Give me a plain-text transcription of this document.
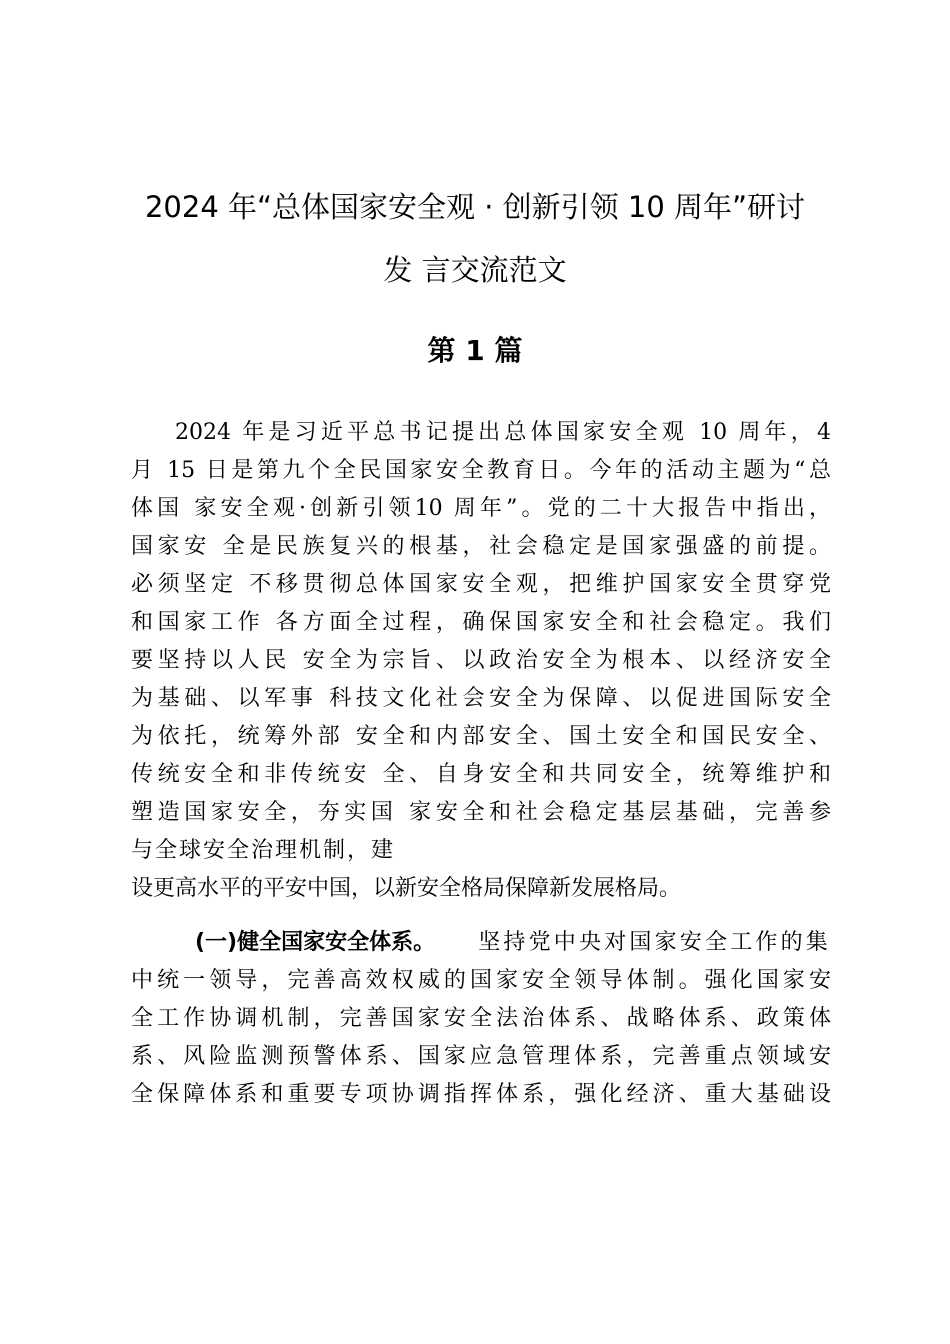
2024 年“总体国家安全观 · 创新引领 10 周年”研讨
发 言交流范文
第 1 篇
2024 年是习近平总书记提出总体国家安全观 10 周年，4
月 15 日是第九个全民国家安全教育日。今年的活动主题为“总
体国 家安全观·创新引领10 周年”。党的二十大报告中指出，
国家安 全是民族复兴的根基，社会稳定是国家强盛的前提。
必须坚定 不移贯彻总体国家安全观，把维护国家安全贯穿党
和国家工作 各方面全过程，确保国家安全和社会稳定。我们
要坚持以人民 安全为宗旨、以政治安全为根本、以经济安全
为基础、以军事 科技文化社会安全为保障、以促进国际安全
为依托，统筹外部 安全和内部安全、国土安全和国民安全、
传统安全和非传统安 全、自身安全和共同安全，统筹维护和
塑造国家安全，夯实国 家安全和社会稳定基层基础，完善参
与全球安全治理机制，建
设更高水平的平安中国，以新安全格局保障新发展格局。
(一)健全国家安全体系。 坚持党中央对国家安全工作的集
中统一领导，完善高效权威的国家安全领导体制。强化国家安
全工作协调机制，完善国家安全法治体系、战略体系、政策体
系、风险监测预警体系、国家应急管理体系，完善重点领域安
全保障体系和重要专项协调指挥体系，强化经济、重大基础设
